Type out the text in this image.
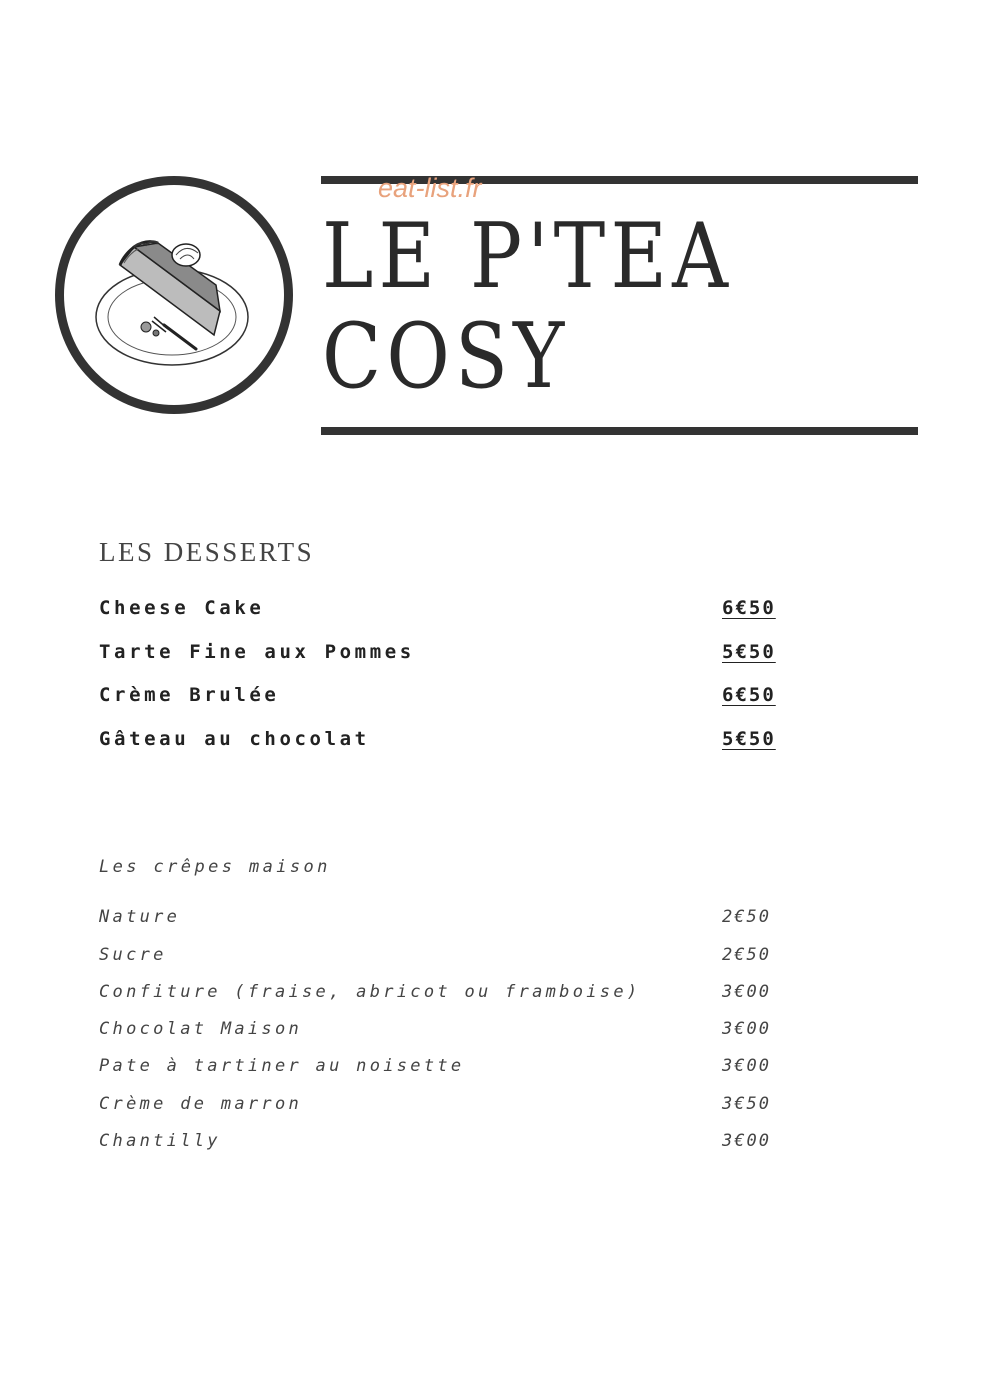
eat-list.fr
LE P'TEA
COSY
LES DESSERTS
Cheese Cake	6€50
Tarte Fine aux Pommes	5€50
Crème Brulée	6€50
Gâteau au chocolat	5€50
Les crêpes maison
Nature	2€50
Sucre	2€50
Confiture (fraise, abricot ou framboise)	3€00
Chocolat Maison	3€00
Pate à tartiner au noisette	3€00
Crème de marron	3€50
Chantilly	3€00
